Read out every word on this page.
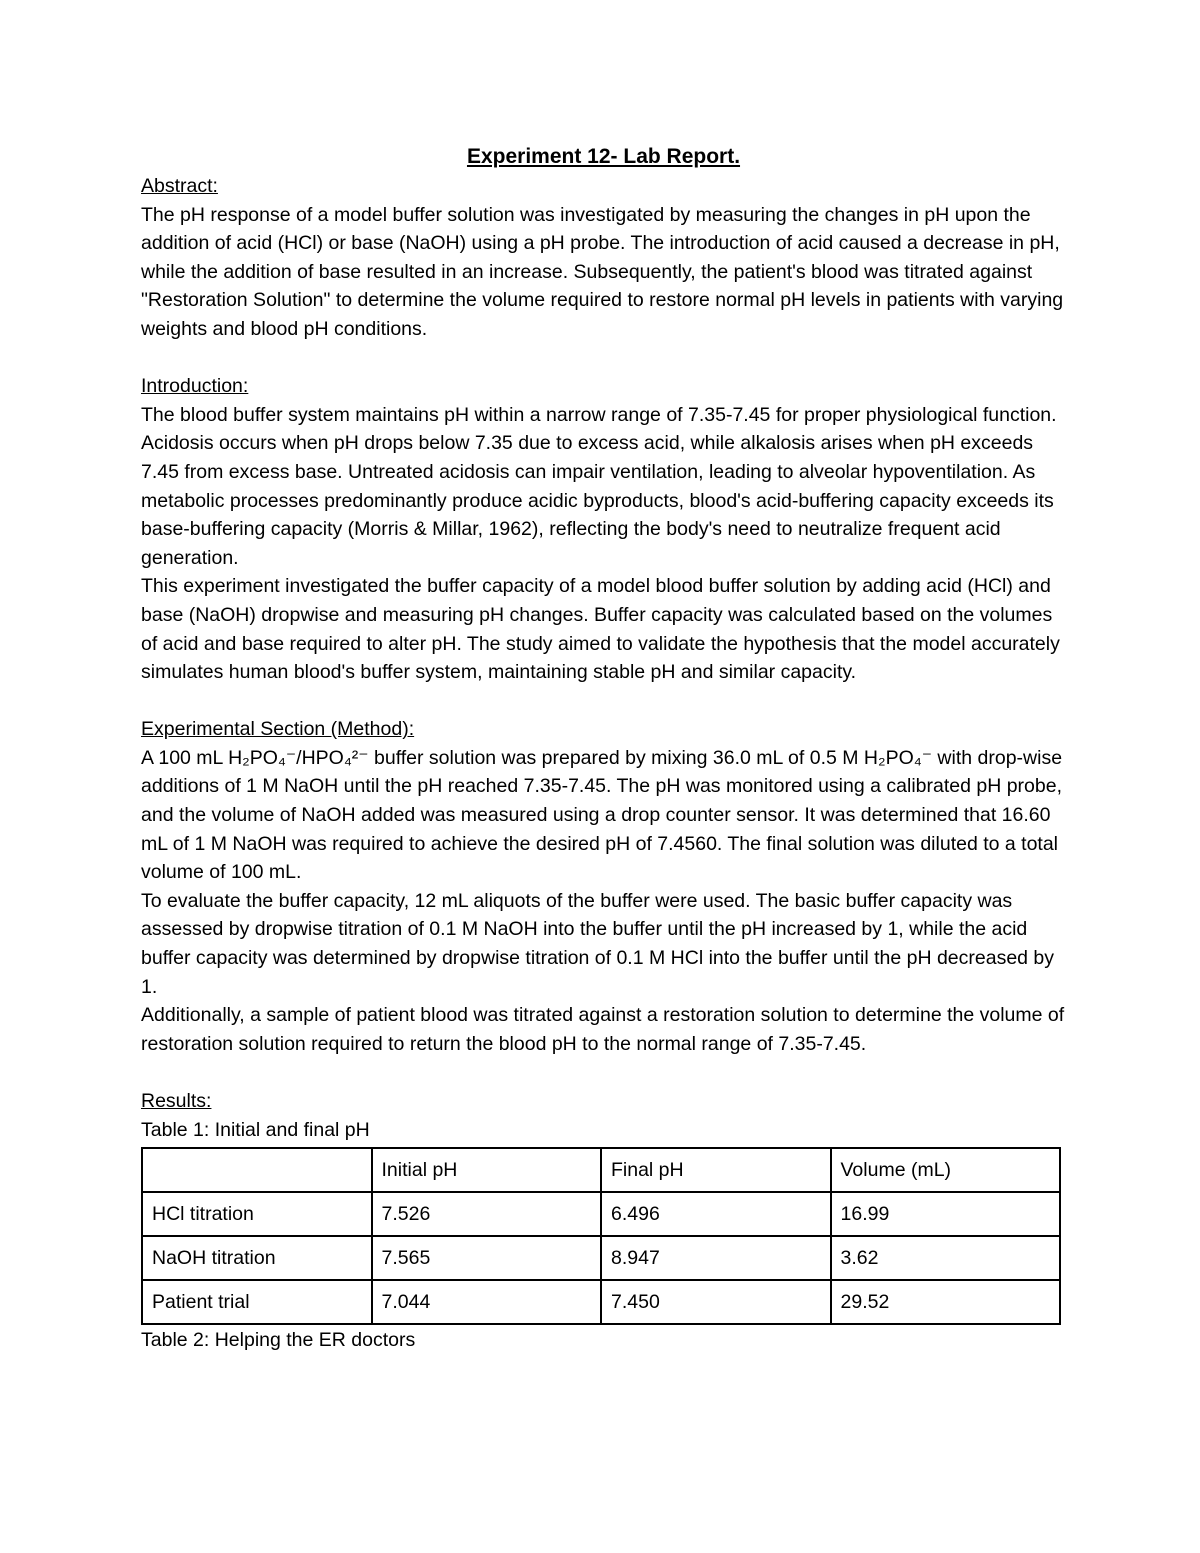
Experiment 12- Lab Report.

Abstract:

The pH response of a model buffer solution was investigated by measuring the changes in pH upon the addition of acid (HCl) or base (NaOH) using a pH probe. The introduction of acid caused a decrease in pH, while the addition of base resulted in an increase. Subsequently, the patient's blood was titrated against "Restoration Solution" to determine the volume required to restore normal pH levels in patients with varying weights and blood pH conditions.

Introduction:

The blood buffer system maintains pH within a narrow range of 7.35-7.45 for proper physiological function. Acidosis occurs when pH drops below 7.35 due to excess acid, while alkalosis arises when pH exceeds 7.45 from excess base. Untreated acidosis can impair ventilation, leading to alveolar hypoventilation. As metabolic processes predominantly produce acidic byproducts, blood's acid-buffering capacity exceeds its base-buffering capacity (Morris & Millar, 1962), reflecting the body's need to neutralize frequent acid generation.

This experiment investigated the buffer capacity of a model blood buffer solution by adding acid (HCl) and base (NaOH) dropwise and measuring pH changes. Buffer capacity was calculated based on the volumes of acid and base required to alter pH. The study aimed to validate the hypothesis that the model accurately simulates human blood's buffer system, maintaining stable pH and similar capacity.

Experimental Section (Method):

A 100 mL H₂PO₄⁻/HPO₄²⁻ buffer solution was prepared by mixing 36.0 mL of 0.5 M H₂PO₄⁻ with drop-wise additions of 1 M NaOH until the pH reached 7.35-7.45. The pH was monitored using a calibrated pH probe, and the volume of NaOH added was measured using a drop counter sensor. It was determined that 16.60 mL of 1 M NaOH was required to achieve the desired pH of 7.4560. The final solution was diluted to a total volume of 100 mL.

To evaluate the buffer capacity, 12 mL aliquots of the buffer were used. The basic buffer capacity was assessed by dropwise titration of 0.1 M NaOH into the buffer until the pH increased by 1, while the acid buffer capacity was determined by dropwise titration of 0.1 M HCl into the buffer until the pH decreased by 1.

Additionally, a sample of patient blood was titrated against a restoration solution to determine the volume of restoration solution required to return the blood pH to the normal range of 7.35-7.45.

Results:

Table 1: Initial and final pH

	Initial pH	Final pH	Volume (mL)
HCl titration	7.526	6.496	16.99
NaOH titration	7.565	8.947	3.62
Patient trial	7.044	7.450	29.52

Table 2: Helping the ER doctors
